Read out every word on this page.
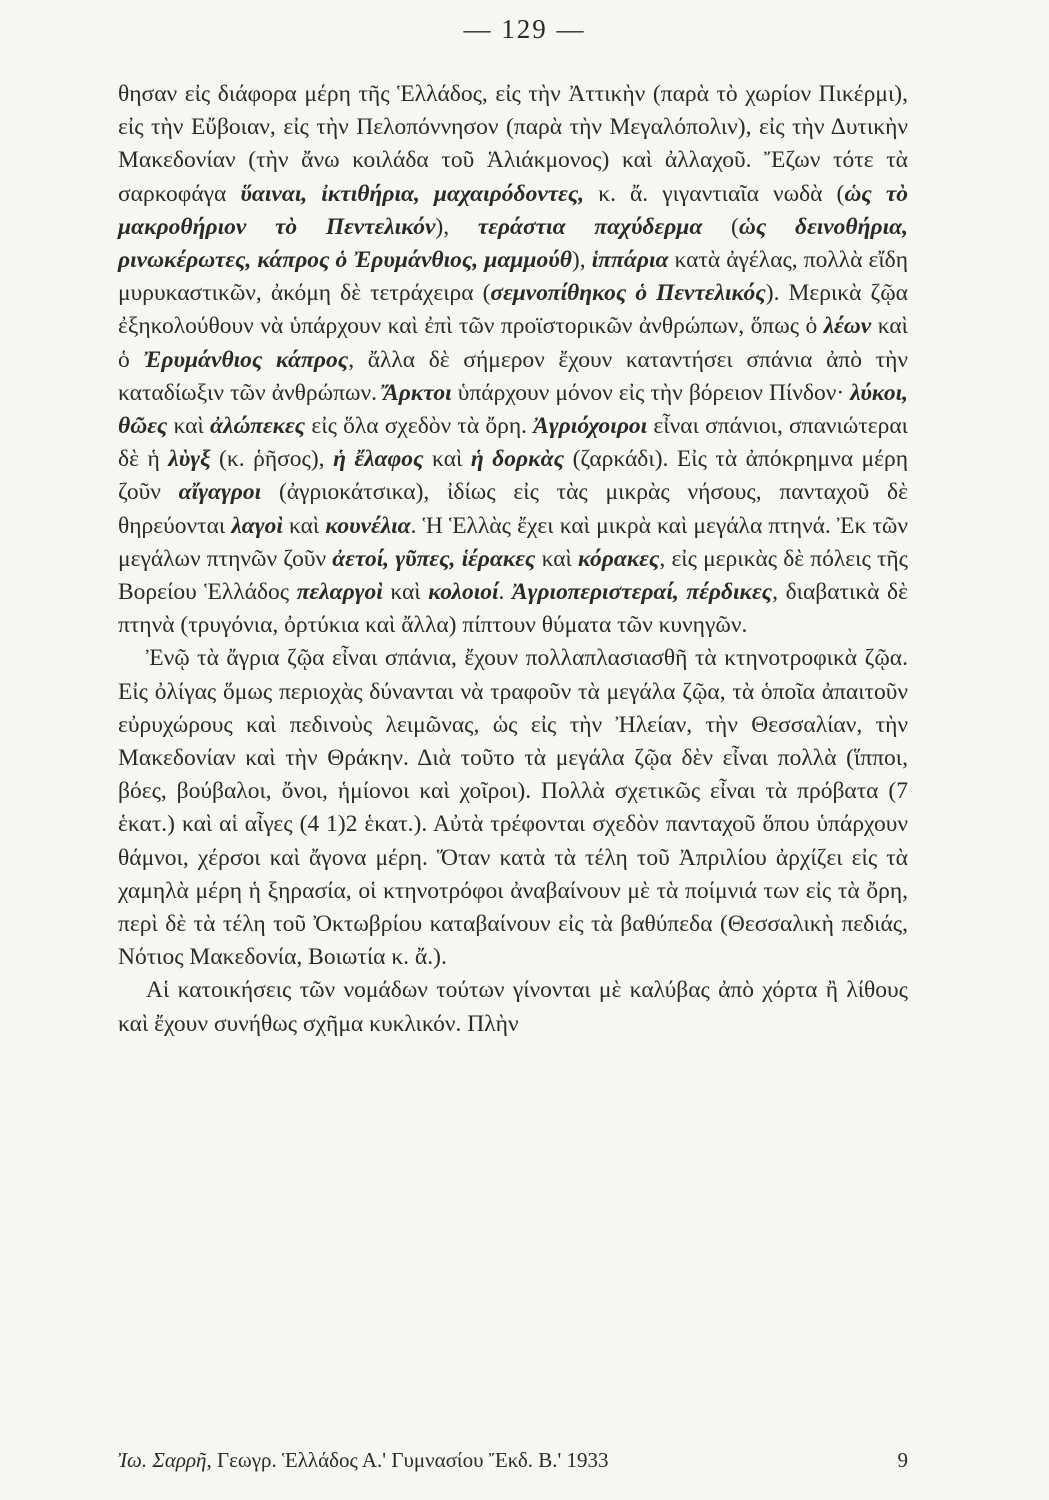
— 129 —

θησαν εἰς διάφορα μέρη τῆς Ἑλλάδος, εἰς τὴν Ἀττικὴν (παρὰ τὸ χωρίον Πικέρμι), εἰς τὴν Εὔβοιαν, εἰς τὴν Πελοπόννησον (παρὰ τὴν Μεγαλόπολιν), εἰς τὴν Δυτικὴν Μακεδονίαν (τὴν ἄνω κοιλάδα τοῦ Ἁλιάκμονος) καὶ ἀλλαχοῦ. Ἔζων τότε τὰ σαρκοφάγα ὕαιναι, ἰκτιθήρια, μαχαιρόδοντες, κ. ἄ. γιγαντιαῖα νωδὰ (ὡς τὸ μακροθήριον τὸ Πεντελικόν), τεράστια παχύδερμα (ὡς δεινοθήρια, ρινωκέρωτες, κάπρος ὁ Ἐρυμάνθιος, μαμμούθ), ἱππάρια κατὰ ἀγέλας, πολλὰ εἴδη μυρυκαστικῶν, ἀκόμη δὲ τετράχειρα (σεμνοπίθηκος ὁ Πεντελικός). Μερικὰ ζῷα ἐξηκολούθουν νὰ ὑπάρχουν καὶ ἐπὶ τῶν προϊστορικῶν ἀνθρώπων, ὅπως ὁ λέων καὶ ὁ Ἐρυμάνθιος κάπρος, ἄλλα δὲ σήμερον ἔχουν καταντήσει σπάνια ἀπὸ τὴν καταδίωξιν τῶν ἀνθρώπων. Ἄρκτοι ὑπάρχουν μόνον εἰς τὴν βόρειον Πίνδον· λύκοι, θῶες καὶ ἀλώπεκες εἰς ὅλα σχεδὸν τὰ ὄρη. Ἀγριόχοιροι εἶναι σπάνιοι, σπανιώτεραι δὲ ἡ λὺγξ (κ. ῥῆσος), ἡ ἔλαφος καὶ ἡ δορκὰς (ζαρκάδι). Εἰς τὰ ἀπόκρημνα μέρη ζοῦν αἴγαγροι (ἀγριοκάτσικα), ἰδίως εἰς τὰς μικρὰς νήσους, πανταχοῦ δὲ θηρεύονται λαγοὶ καὶ κουνέλια. Ἡ Ἑλλὰς ἔχει καὶ μικρὰ καὶ μεγάλα πτηνά. Ἐκ τῶν μεγάλων πτηνῶν ζοῦν ἀετοί, γῦπες, ἱέρακες καὶ κόρακες, εἰς μερικὰς δὲ πόλεις τῆς Βορείου Ἑλλάδος πελαργοὶ καὶ κολοιοί. Ἀγριοπεριστεραί, πέρδικες, διαβατικὰ δὲ πτηνὰ (τρυγόνια, ὀρτύκια καὶ ἄλλα) πίπτουν θύματα τῶν κυνηγῶν.

Ἐνῷ τὰ ἄγρια ζῷα εἶναι σπάνια, ἔχουν πολλαπλασιασθῆ τὰ κτηνοτροφικὰ ζῷα. Εἰς ὀλίγας ὅμως περιοχὰς δύνανται νὰ τραφοῦν τὰ μεγάλα ζῷα, τὰ ὁποῖα ἀπαιτοῦν εὐρυχώρους καὶ πεδινοὺς λειμῶνας, ὡς εἰς τὴν Ἠλείαν, τὴν Θεσσαλίαν, τὴν Μακεδονίαν καὶ τὴν Θράκην. Διὰ τοῦτο τὰ μεγάλα ζῷα δὲν εἶναι πολλὰ (ἵπποι, βόες, βούβαλοι, ὄνοι, ἡμίονοι καὶ χοῖροι). Πολλὰ σχετικῶς εἶναι τὰ πρόβατα (7 ἑκατ.) καὶ αἱ αἶγες (4 1)2 ἑκατ.). Αὐτὰ τρέφονται σχεδὸν πανταχοῦ ὅπου ὑπάρχουν θάμνοι, χέρσοι καὶ ἄγονα μέρη. Ὅταν κατὰ τὰ τέλη τοῦ Ἀπριλίου ἀρχίζει εἰς τὰ χαμηλὰ μέρη ἡ ξηρασία, οἱ κτηνοτρόφοι ἀναβαίνουν μὲ τὰ ποίμνιά των εἰς τὰ ὄρη, περὶ δὲ τὰ τέλη τοῦ Ὀκτωβρίου καταβαίνουν εἰς τὰ βαθύπεδα (Θεσσαλικὴ πεδιάς, Νότιος Μακεδονία, Βοιωτία κ. ἄ.).

Αἱ κατοικήσεις τῶν νομάδων τούτων γίνονται μὲ καλύβας ἀπὸ χόρτα ἢ λίθους καὶ ἔχουν συνήθως σχῆμα κυκλικόν. Πλὴν

Ἰω. Σαρρῆ, Γεωγρ. Ἑλλάδος Α.' Γυμνασίου Ἔκδ. Β.' 1933	9
